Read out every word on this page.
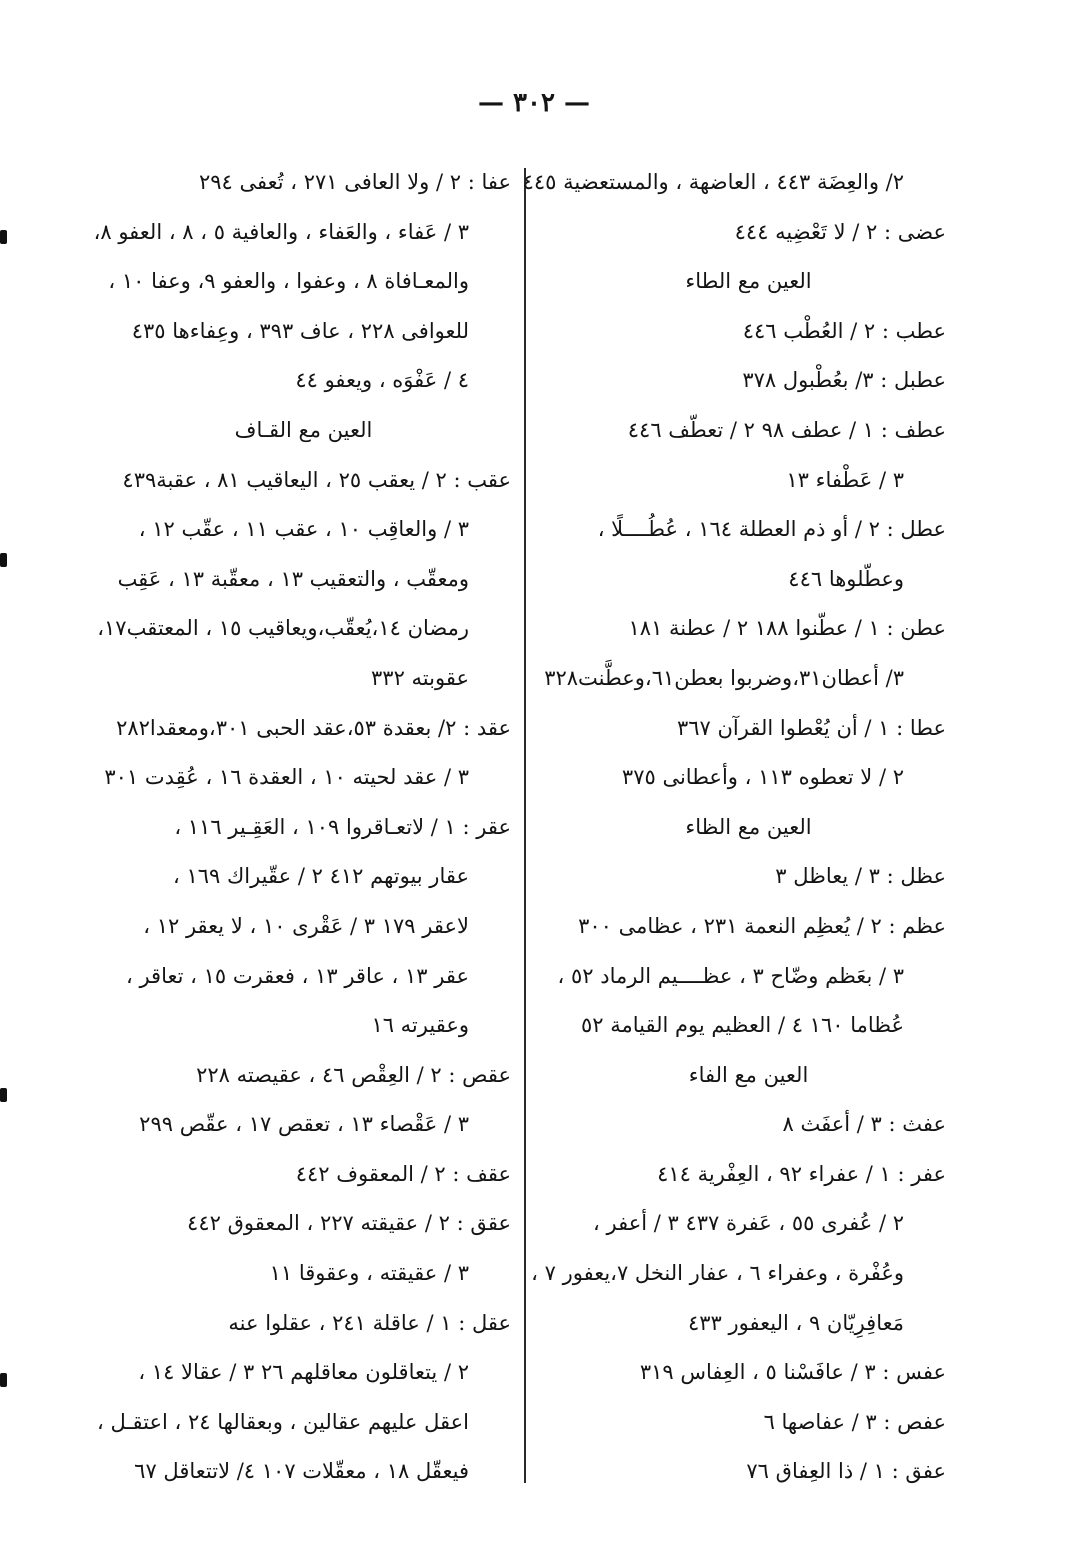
— ٣٠٢ —
٢/ والعِضَة ٤٤٣ ، العاضهة ، والمستعضية ٤٤٥
عضى : ٢ / لا تَعْضِيه ٤٤٤
العين مع الطاء
عطب : ٢ / العُطْب ٤٤٦
عطبل : ٣/ بعُطْبول ٣٧٨
عطف : ١ / عطف ٩٨ ٢ / تعطّف ٤٤٦
٣ / عَطْفاء ١٣
عطل : ٢ / أو ذم العطلة ١٦٤ ، عُطُــــلًا ،
وعطّلوها ٤٤٦
عطن : ١ / عطّنوا ١٨٨ ٢ / عطنة ١٨١
٣/ أعطان٣١،وضربوا بعطن٦١،وعطَّنت٣٢٨
عطا : ١ / أن يُعْطوا القرآن ٣٦٧
٢ / لا تعطوه ١١٣ ، وأعطانى ٣٧٥
العين مع الظاء
عظل : ٣ / يعاظل ٣
عظم : ٢ / يُعظِم النعمة ٢٣١ ، عظامى ٣٠٠
٣ / بعَظم وضّاح ٣ ، عظــــيم الرماد ٥٢ ،
عُظاما ١٦٠ ٤ / العظيم يوم القيامة ٥٢
العين مع الفاء
عفث : ٣ / أعفَث ٨
عفر : ١ / عفراء ٩٢ ، العِفْرية ٤١٤
٢ / عُفرى ٥٥ ، عَفرة ٤٣٧ ٣ / أعفر ،
وعُفْرة ، وعفراء ٦ ، عفار النخل ٧،يعفور ٧ ،
مَعافِرِيّان ٩ ، اليعفور ٤٣٣
عفس : ٣ / عافَسْنا ٥ ، العِفاس ٣١٩
عفص : ٣ / عفاصها ٦
عفق : ١ / ذا العِفاق ٧٦
عفا : ٢ / ولا العافى ٢٧١ ، تُعفى ٢٩٤
٣ / عَفاء ، والعَفاء ، والعافية ٥ ، ٨ ، العفو ٨،
والمعـافاة ٨ ، وعفوا ، والعفو ٩، وعفا ١٠ ،
للعوافى ٢٢٨ ، عاف ٣٩٣ ، وعِفاءها ٤٣٥
٤ / عَفْوَه ، ويعفو ٤٤
العين مع القـاف
عقب : ٢ / يعقب ٢٥ ، اليعاقيب ٨١ ، عقبة٤٣٩
٣ / والعاقِب ١٠ ، عقب ١١ ، عقّب ١٢ ،
ومعقّب ، والتعقيب ١٣ ، معقّبة ١٣ ، عَقِب
رمضان ١٤،يُعقّب،ويعاقيب ١٥ ، المعتقب١٧،
عقوبته ٣٣٢
عقد : ٢/ بعقدة ٥٣،عقد الحبى ٣٠١،ومعقدا٢٨٢
٣ / عقد لحيته ١٠ ، العقدة ١٦ ، عُقِدت ٣٠١
عقر : ١ / لاتعـاقروا ١٠٩ ، العَقِـير ١١٦ ،
عقار بيوتهم ٤١٢ ٢ / عقّيراك ١٦٩ ،
لاعقر ١٧٩ ٣ / عَقْرى ١٠ ، لا يعقر ١٢ ،
عقر ١٣ ، عاقر ١٣ ، فعقرت ١٥ ، تعاقر ،
وعقيرته ١٦
عقص : ٢ / العِقْص ٤٦ ، عقيصته ٢٢٨
٣ / عَقْصاء ١٣ ، تعقص ١٧ ، عقّص ٢٩٩
عقف : ٢ / المعقوف ٤٤٢
عقق : ٢ / عقيقته ٢٢٧ ، المعقوق ٤٤٢
٣ / عقيقته ، وعقوقا ١١
عقل : ١ / عاقلة ٢٤١ ، عقلوا عنه
٢ / يتعاقلون معاقلهم ٢٦ ٣ / عقالا ١٤ ،
اعقل عليهم عقالين ، وبعقالها ٢٤ ، اعتقـل ،
فيعقّل ١٨ ، معقّلات ١٠٧ ٤/ لاتتعاقل ٦٧
